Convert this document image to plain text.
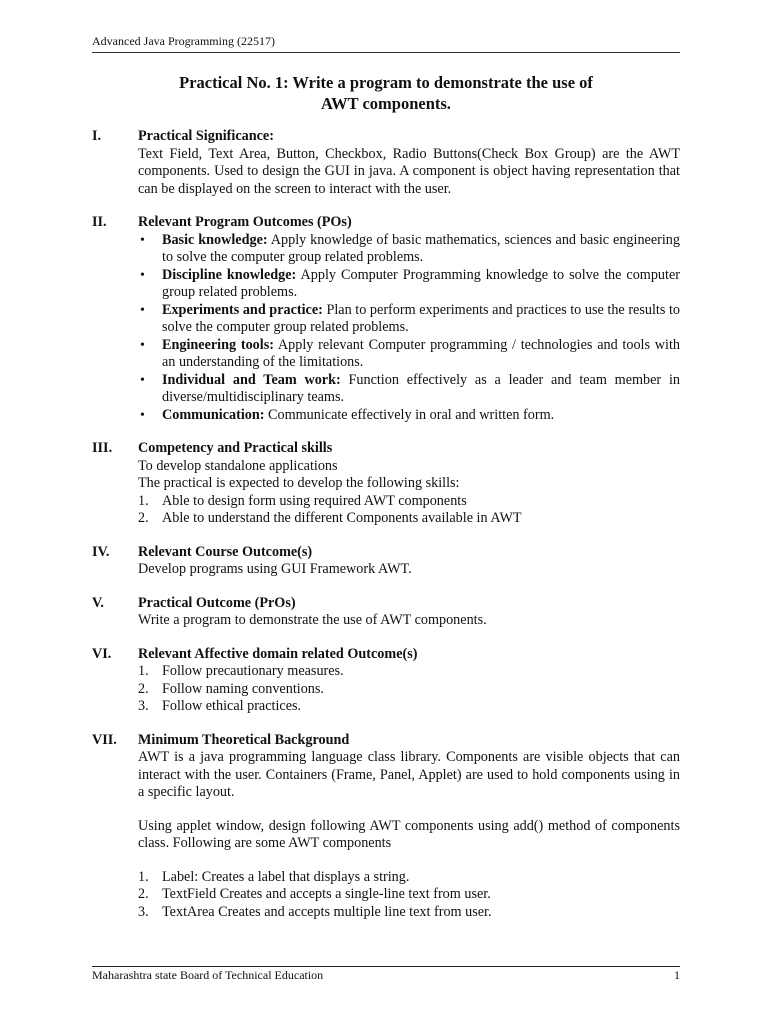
Advanced Java Programming (22517)
Practical No. 1: Write a program to demonstrate the use of
AWT components.
I.	Practical Significance:
Text Field, Text Area, Button, Checkbox, Radio Buttons(Check Box Group) are the AWT components. Used to design the GUI in java. A component is object having representation that can be displayed on the screen to interact with the user.
II. Relevant Program Outcomes (POs)
• Basic knowledge: Apply knowledge of basic mathematics, sciences and basic engineering to solve the computer group related problems.
• Discipline knowledge: Apply Computer Programming knowledge to solve the computer group related problems.
• Experiments and practice: Plan to perform experiments and practices to use the results to solve the computer group related problems.
• Engineering tools: Apply relevant Computer programming / technologies and tools with an understanding of the limitations.
• Individual and Team work: Function effectively as a leader and team member in diverse/multidisciplinary teams.
• Communication: Communicate effectively in oral and written form.
III. Competency and Practical skills
To develop standalone applications
The practical is expected to develop the following skills:
1. Able to design form using required AWT components
2. Able to understand the different Components available in AWT
IV. Relevant Course Outcome(s)
Develop programs using GUI Framework AWT.
V. Practical Outcome (PrOs)
Write a program to demonstrate the use of AWT components.
VI. Relevant Affective domain related Outcome(s)
1. Follow precautionary measures.
2. Follow naming conventions.
3. Follow ethical practices.
VII. Minimum Theoretical Background
AWT is a java programming language class library. Components are visible objects that can interact with the user. Containers (Frame, Panel, Applet) are used to hold components using in a specific layout.
Using applet window, design following AWT components using add() method of components class. Following are some AWT components
1. Label: Creates a label that displays a string.
2. TextField Creates and accepts a single-line text from user.
3. TextArea Creates and accepts multiple line text from user.
Maharashtra state Board of Technical Education	1
